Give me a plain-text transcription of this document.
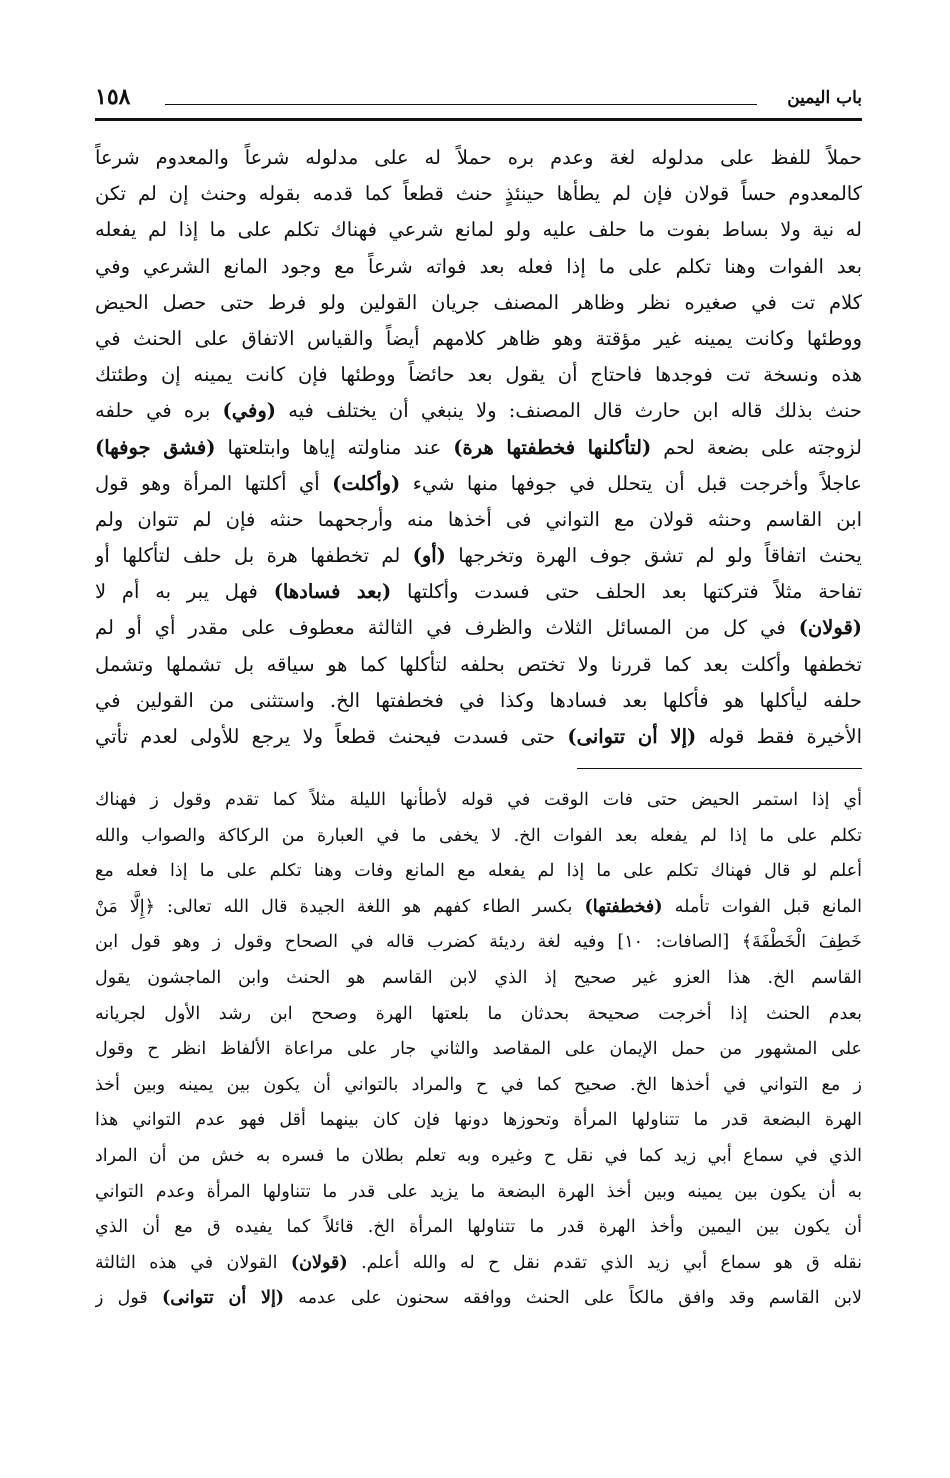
باب اليمين
١٥٨
حملاً للفظ على مدلوله لغة وعدم بره حملاً له على مدلوله شرعاً والمعدوم شرعاً
كالمعدوم حساً قولان فإن لم يطأها حينئذٍ حنث قطعاً كما قدمه بقوله وحنث إن لم تكن
له نية ولا بساط بفوت ما حلف عليه ولو لمانع شرعي فهناك تكلم على ما إذا لم يفعله
بعد الفوات وهنا تكلم على ما إذا فعله بعد فواته شرعاً مع وجود المانع الشرعي وفي
كلام تت في صغيره نظر وظاهر المصنف جريان القولين ولو فرط حتى حصل الحيض
ووطئها وكانت يمينه غير مؤقتة وهو ظاهر كلامهم أيضاً والقياس الاتفاق على الحنث في
هذه ونسخة تت فوجدها فاحتاج أن يقول بعد حائضاً ووطئها فإن كانت يمينه إن وطئتك
حنث بذلك قاله ابن حارث قال المصنف: ولا ينبغي أن يختلف فيه (وفي) بره في حلفه
لزوجته على بضعة لحم (لتأكلنها فخطفتها هرة) عند مناولته إياها وابتلعتها (فشق جوفها)
عاجلاً وأخرجت قبل أن يتحلل في جوفها منها شيء (وأكلت) أي أكلتها المرأة وهو قول
ابن القاسم وحنثه قولان مع التواني فى أخذها منه وأرجحهما حنثه فإن لم تتوان ولم
يحنث اتفاقاً ولو لم تشق جوف الهرة وتخرجها (أو) لم تخطفها هرة بل حلف لتأكلها أو
تفاحة مثلاً فتركتها بعد الحلف حتى فسدت وأكلتها (بعد فسادها) فهل يبر به أم لا
(قولان) في كل من المسائل الثلاث والظرف في الثالثة معطوف على مقدر أي أو لم
تخطفها وأكلت بعد كما قررنا ولا تختص بحلفه لتأكلها كما هو سياقه بل تشملها وتشمل
حلفه ليأكلها هو فأكلها بعد فسادها وكذا في فخطفتها الخ. واستثنى من القولين في
الأخيرة فقط قوله (إلا أن تتوانى) حتى فسدت فيحنث قطعاً ولا يرجع للأولى لعدم تأتي
أي إذا استمر الحيض حتى فات الوقت في قوله لأطأنها الليلة مثلاً كما تقدم وقول ز فهناك
تكلم على ما إذا لم يفعله بعد الفوات الخ. لا يخفى ما في العبارة من الركاكة والصواب والله
أعلم لو قال فهناك تكلم على ما إذا لم يفعله مع المانع وفات وهنا تكلم على ما إذا فعله مع
المانع قبل الفوات تأمله (فخطفتها) بكسر الطاء كفهم هو اللغة الجيدة قال الله تعالى: ﴿إِلَّا مَنْ
خَطِفَ الْخَطْفَةَ﴾ [الصافات: ١٠] وفيه لغة رديئة كضرب قاله في الصحاح وقول ز وهو قول ابن
القاسم الخ. هذا العزو غير صحيح إذ الذي لابن القاسم هو الحنث وابن الماجشون يقول
بعدم الحنث إذا أخرجت صحيحة بحدثان ما بلعتها الهرة وصحح ابن رشد الأول لجريانه
على المشهور من حمل الإيمان على المقاصد والثاني جار على مراعاة الألفاظ انظر ح وقول
ز مع التواني في أخذها الخ. صحيح كما في ح والمراد بالتواني أن يكون بين يمينه وبين أخذ
الهرة البضعة قدر ما تتناولها المرأة وتحوزها دونها فإن كان بينهما أقل فهو عدم التواني هذا
الذي في سماع أبي زيد كما في نقل ح وغيره وبه تعلم بطلان ما فسره به خش من أن المراد
به أن يكون بين يمينه وبين أخذ الهرة البضعة ما يزيد على قدر ما تتناولها المرأة وعدم التواني
أن يكون بين اليمين وأخذ الهرة قدر ما تتناولها المرأة الخ. قائلاً كما يفيده ق مع أن الذي
نقله ق هو سماع أبي زيد الذي تقدم نقل ح له والله أعلم. (قولان) القولان في هذه الثالثة
لابن القاسم وقد وافق مالكاً على الحنث ووافقه سحنون على عدمه (إلا أن تتوانى) قول ز
